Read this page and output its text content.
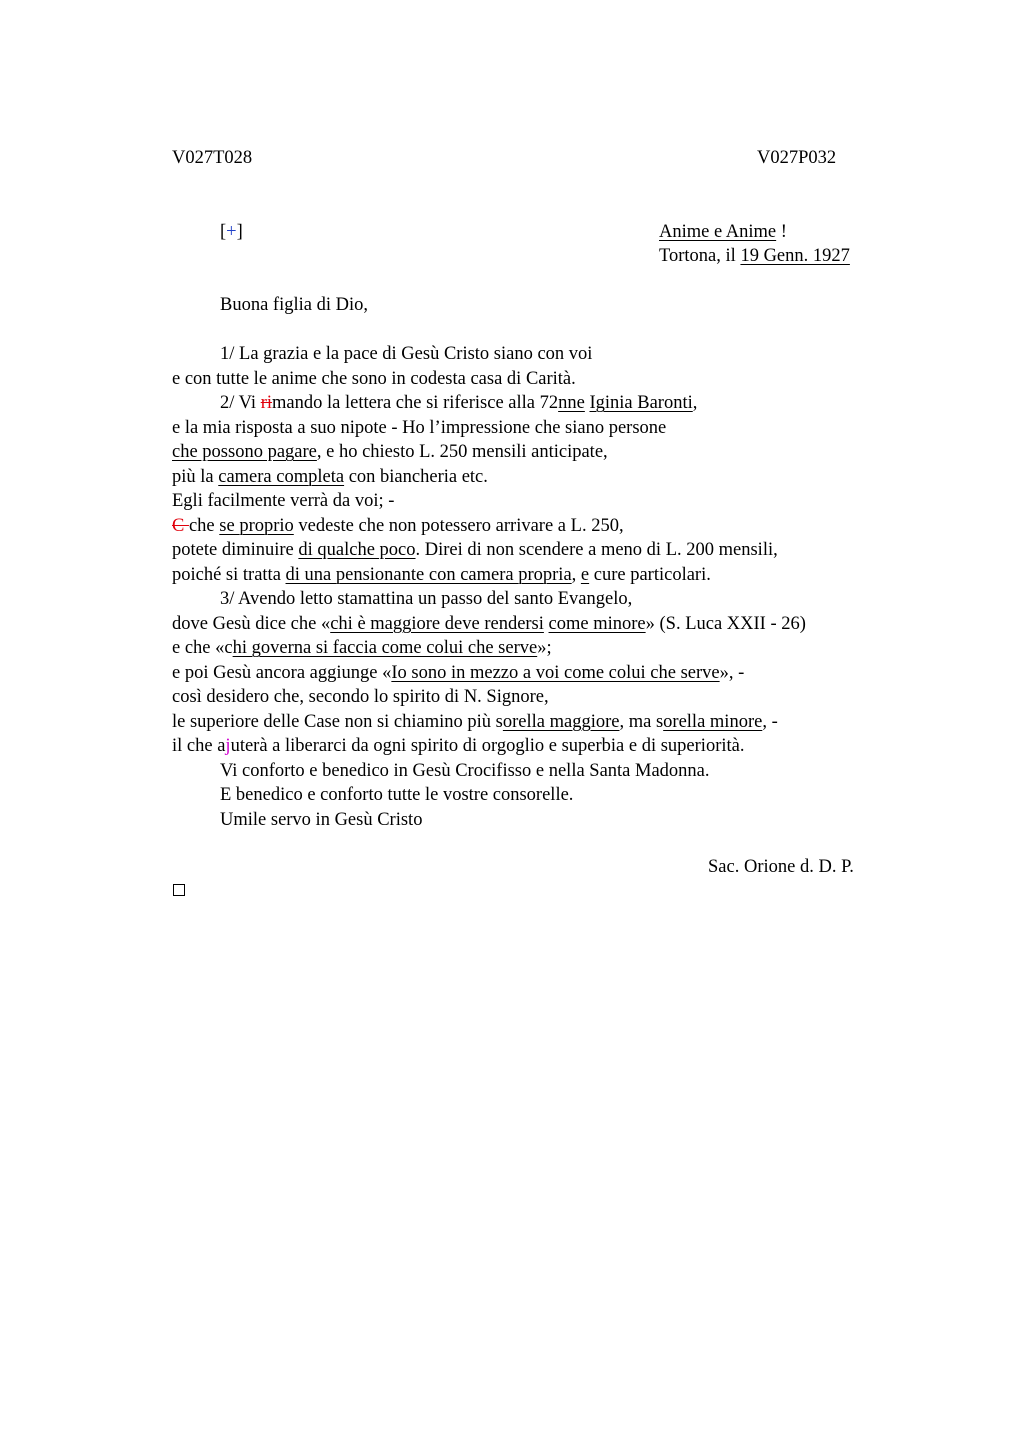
V027T028	V027P032
[+]	Anime e Anime !
Tortona, il 19 Genn. 1927
Buona figlia di Dio,
1/ La grazia e la pace di Gesù Cristo siano con voi
e con tutte le anime che sono in codesta casa di Carità.
2/ Vi rimando la lettera che si riferisce alla 72nne Iginia Baronti,
e la mia risposta a suo nipote - Ho l’impressione che siano persone
che possono pagare, e ho chiesto L. 250 mensili anticipate,
più la camera completa con biancheria etc.
Egli facilmente verrà da voi; -
C che se proprio vedeste che non potessero arrivare a L. 250,
potete diminuire di qualche poco. Direi di non scendere a meno di L. 200 mensili,
poiché si tratta di una pensionante con camera propria, e cure particolari.
3/ Avendo letto stamattina un passo del santo Evangelo,
dove Gesù dice che «chi è maggiore deve rendersi come minore» (S. Luca XXII - 26)
e che «chi governa si faccia come colui che serve»;
e poi Gesù ancora aggiunge «Io sono in mezzo a voi come colui che serve», -
così desidero che, secondo lo spirito di N. Signore,
le superiore delle Case non si chiamino più sorella maggiore, ma sorella minore, -
il che ajuterà a liberarci da ogni spirito di orgoglio e superbia e di superiorità.
Vi conforto e benedico in Gesù Crocifisso e nella Santa Madonna.
E benedico e conforto tutte le vostre consorelle.
Umile servo in Gesù Cristo
Sac. Orione d. D. P.
